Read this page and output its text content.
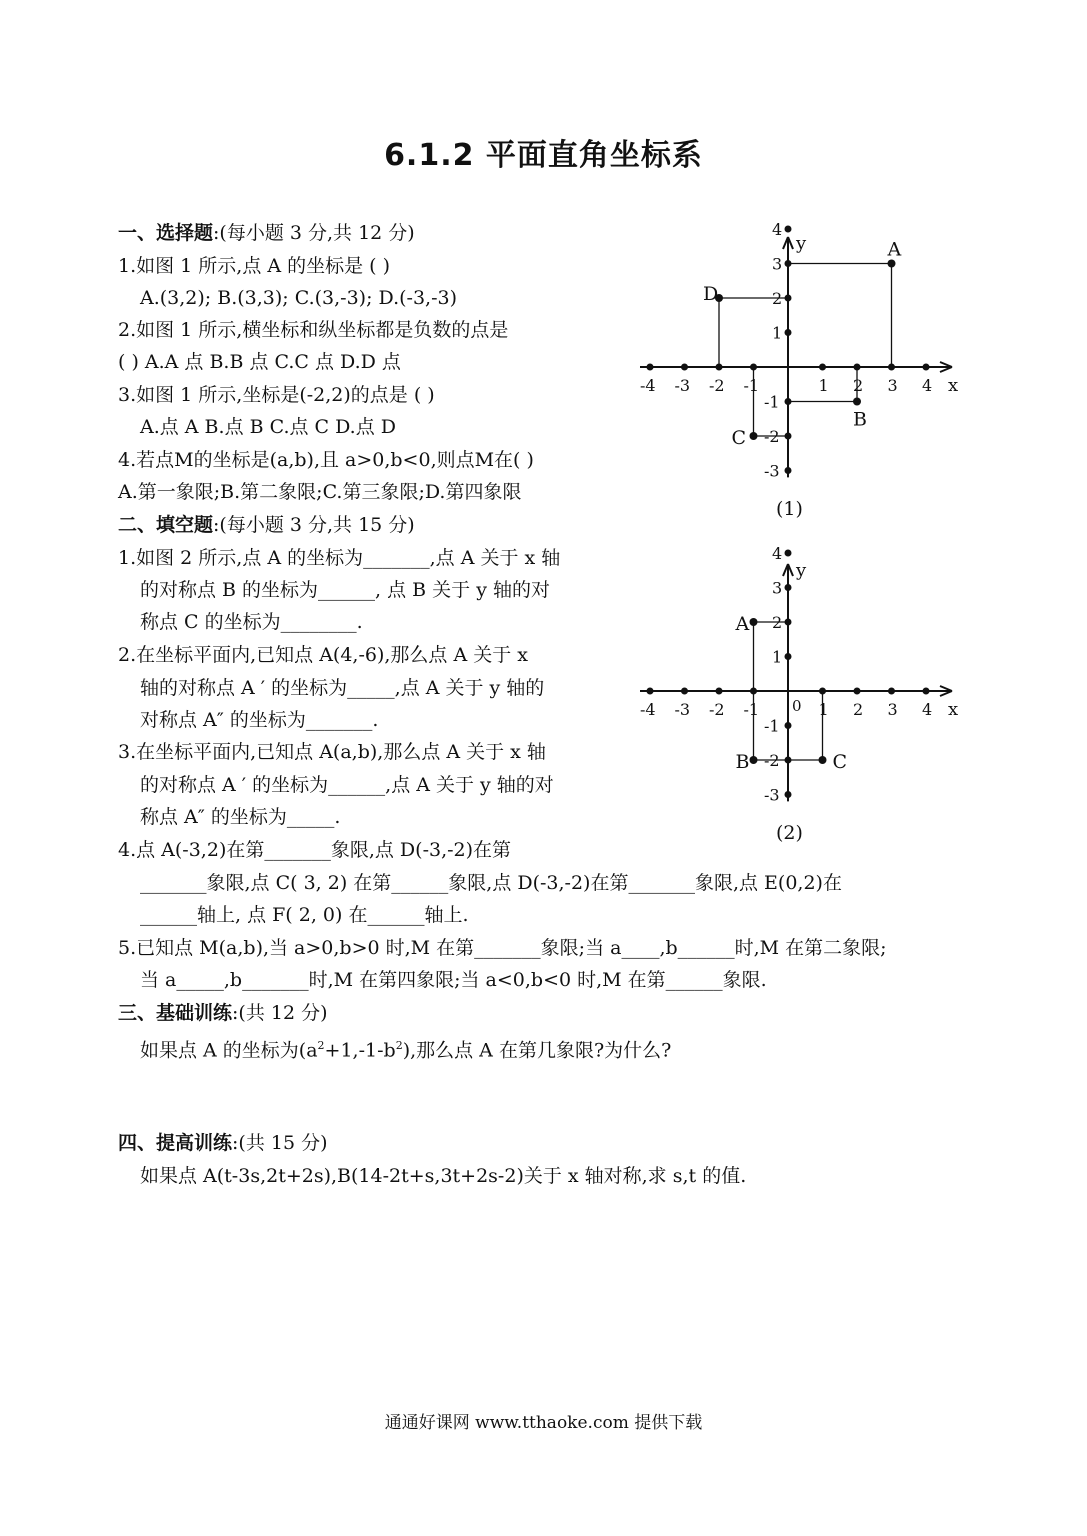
6.1.2 平面直角坐标系
一、选择题:(每小题 3 分,共 12 分)
1.如图 1 所示,点 A 的坐标是 ( )
A.(3,2); B.(3,3); C.(3,-3); D.(-3,-3)
2.如图 1 所示,横坐标和纵坐标都是负数的点是
( ) A.A 点 B.B 点 C.C 点 D.D 点
3.如图 1 所示,坐标是(-2,2)的点是 ( )
A.点 A B.点 B C.点 C D.点 D
4.若点M的坐标是(a,b),且 a>0,b<0,则点M在( )
A.第一象限;B.第二象限;C.第三象限;D.第四象限
二、填空题:(每小题 3 分,共 15 分)
1.如图 2 所示,点 A 的坐标为_______,点 A 关于 x 轴
的对称点 B 的坐标为______, 点 B 关于 y 轴的对
称点 C 的坐标为________.
2.在坐标平面内,已知点 A(4,-6),那么点 A 关于 x
轴的对称点 A ′ 的坐标为_____,点 A 关于 y 轴的
对称点 A″ 的坐标为_______.
3.在坐标平面内,已知点 A(a,b),那么点 A 关于 x 轴
的对称点 A ′ 的坐标为______,点 A 关于 y 轴的对
称点 A″ 的坐标为_____.
4.点 A(-3,2)在第_______象限,点 D(-3,-2)在第
_______象限,点 C( 3, 2) 在第______象限,点 D(-3,-2)在第_______象限,点 E(0,2)在
______轴上, 点 F( 2, 0) 在______轴上.
5.已知点 M(a,b),当 a>0,b>0 时,M 在第_______象限;当 a____,b______时,M 在第二象限;
当 a_____,b_______时,M 在第四象限;当 a<0,b<0 时,M 在第______象限.
三、基础训练:(共 12 分)
如果点 A 的坐标为$(a^2+1,-1-b^2)$,那么点 A 在第几象限?为什么?
四、提高训练:(共 15 分)
如果点 A(t-3s,2t+2s),B(14-2t+s,3t+2s-2)关于 x 轴对称,求 s,t 的值.
通通好课网 www.tthaoke.com 提供下载
x
y
-4 -3 -2 -1	1 2 3 4
4
3
2
1
-1
-2
-3
A
B
C
D
(1)
x
y
-4 -3 -2 -1	1 2 3 4
4
3
2
1
-1
-2
-3
0
A
B	C
(2)
